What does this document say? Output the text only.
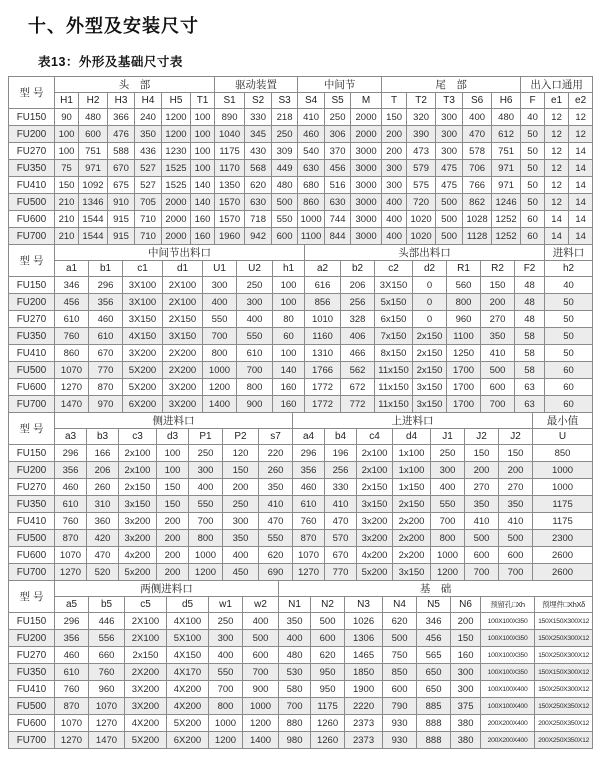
十、外型及安装尺寸
表13：外形及基础尺寸表
型 号	头　部						驱动装置			中间节			尾　部					出入口通用		
	H1	H2	H3	H4	H5	T1	S1	S2	S3	S4	S5	M	T	T2	T3	S6	H6	F	e1	e2
FU150	90	480	366	240	1200	100	890	330	218	410	250	2000	150	320	300	400	480	40	12	12
FU200	100	600	476	350	1200	100	1040	345	250	460	306	2000	200	390	300	470	612	50	12	12
FU270	100	751	588	436	1230	100	1175	430	309	540	370	3000	200	473	300	578	751	50	12	14
FU350	75	971	670	527	1525	100	1170	568	449	630	456	3000	300	579	475	706	971	50	12	14
FU410	150	1092	675	527	1525	140	1350	620	480	680	516	3000	300	575	475	766	971	50	12	14
FU500	210	1346	910	705	2000	140	1570	630	500	860	630	3000	400	720	500	862	1246	50	12	14
FU600	210	1544	915	710	2000	160	1570	718	550	1000	744	3000	400	1020	500	1028	1252	60	14	14
FU700	210	1544	915	710	2000	160	1960	942	600	1100	844	3000	400	1020	500	1128	1252	60	14	14
型 号	中间节出料口							头部出料口							进料口
	a1	b1	c1	d1	U1	U2	h1	a2	b2	c2	d2	R1	R2	F2	h2
FU150	346	296	3X100	2X100	300	250	100	616	206	3X150	0	560	150	48	40
FU200	456	356	3X100	2X100	400	300	100	856	256	5x150	0	800	200	48	50
FU270	610	460	3X150	2X150	550	400	80	1010	328	6x150	0	960	270	48	50
FU350	760	610	4X150	3X150	700	550	60	1160	406	7x150	2x150	1100	350	58	50
FU410	860	670	3X200	2X200	800	610	100	1310	466	8x150	2x150	1250	410	58	50
FU500	1070	770	5X200	2X200	1000	700	140	1766	562	11x150	2x150	1700	500	58	60
FU600	1270	870	5X200	3X200	1200	800	160	1772	672	11x150	3x150	1700	600	63	60
FU700	1470	970	6X200	3X200	1400	900	160	1772	772	11x150	3x150	1700	700	63	60
型 号	侧进料口							上进料口							最小值
	a3	b3	c3	d3	P1	P2	s7	a4	b4	c4	d4	J1	J2	J2	U
FU150	296	166	2x100	100	250	120	220	296	196	2x100	1x100	250	150	150	850
FU200	356	206	2x100	100	300	150	260	356	256	2x100	1x100	300	200	200	1000
FU270	460	260	2x150	150	400	200	350	460	330	2x150	1x150	400	270	270	1000
FU350	610	310	3x150	150	550	250	410	610	410	3x150	2x150	550	350	350	1175
FU410	760	360	3x200	200	700	300	470	760	470	3x200	2x200	700	410	410	1175
FU500	870	420	3x200	200	800	350	550	870	570	3x200	2x200	800	500	500	2300
FU600	1070	470	4x200	200	1000	400	620	1070	670	4x200	2x200	1000	600	600	2600
FU700	1270	520	5x200	200	1200	450	690	1270	770	5x200	3x150	1200	700	700	2600
型 号	两侧进料口						基　础							
	a5	b5	c5	d5	w1	w2	N1	N2	N3	N4	N5	N6	预留孔□Xh	预埋件□XhXδ
FU150	296	446	2X100	4X100	250	400	350	500	1026	620	346	200	100X100X350	150X150X300X12
FU200	356	556	2X100	5X100	300	500	400	600	1306	500	456	150	100X100X350	150X250X300X12
FU270	460	660	2x150	4X150	400	600	480	620	1465	750	565	160	100X100X350	150X250X300X12
FU350	610	760	2X200	4X170	550	700	530	950	1850	850	650	300	100X100X350	150X150X300X12
FU410	760	960	3X200	4X200	700	900	580	950	1900	600	650	300	100X100X400	150X250X300X12
FU500	870	1070	3X200	4X200	800	1000	700	1175	2220	790	885	375	100X100X400	150X250X350X12
FU600	1070	1270	4X200	5X200	1000	1200	880	1260	2373	930	888	380	200X200X400	200X250X350X12
FU700	1270	1470	5X200	6X200	1200	1400	980	1260	2373	930	888	380	200X200X400	200X250X350X12
